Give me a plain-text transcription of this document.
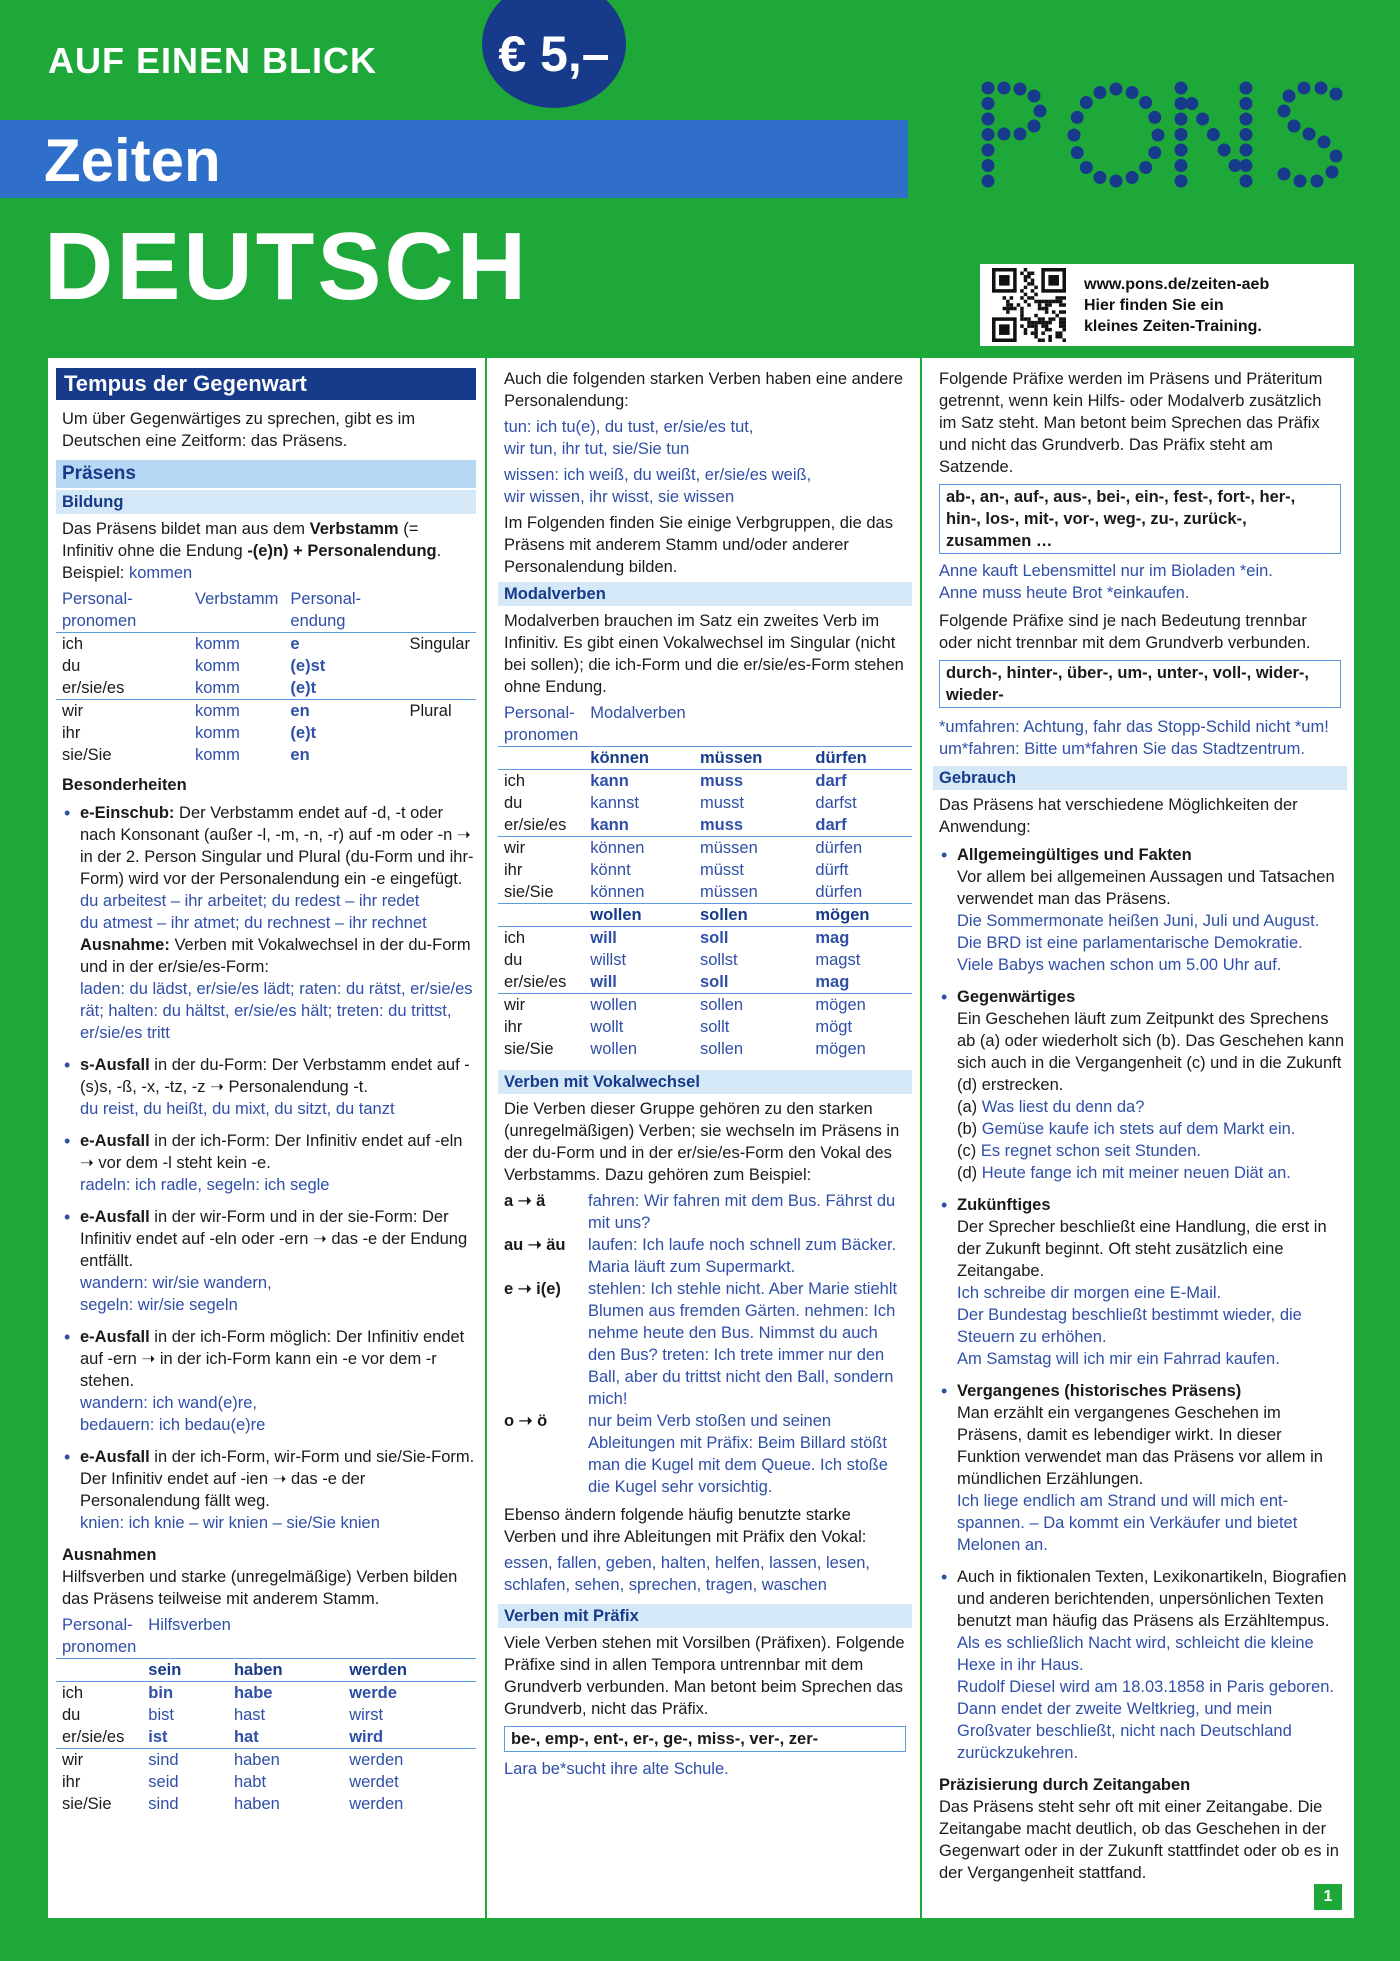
AUF EINEN BLICK	€ 5,–
Zeiten
DEUTSCH	www.pons.de/zeiten-aeb
Hier finden Sie ein
kleines Zeiten-Training.
Tempus der Gegenwart
Um über Gegenwärtiges zu sprechen, gibt es im Deutschen eine Zeitform: das Präsens.
Präsens
Bildung
Das Präsens bildet man aus dem Verbstamm (= Infinitiv ohne die Endung -(e)n) + Personalendung.
Beispiel: kommen
Personal-pronomen	Verbstamm	Personal-endung	
ich	komm	e	Singular
du	komm	(e)st	
er/sie/es	komm	(e)t	
wir	komm	en	Plural
ihr	komm	(e)t	
sie/Sie	komm	en	
Besonderheiten
• e-Einschub: Der Verbstamm endet auf -d, -t oder nach Konsonant (außer -l, -m, -n, -r) auf -m oder -n ➝ in der 2. Person Singular und Plural (du-Form und ihr-Form) wird vor der Personalendung ein -e eingefügt.
du arbeitest – ihr arbeitet; du redest – ihr redet
du atmest – ihr atmet; du rechnest – ihr rechnet
Ausnahme: Verben mit Vokalwechsel in der du-Form und in der er/sie/es-Form:
laden: du lädst, er/sie/es lädt; raten: du rätst, er/sie/es rät; halten: du hältst, er/sie/es hält; treten: du trittst, er/sie/es tritt
• s-Ausfall in der du-Form: Der Verbstamm endet auf -(s)s, -ß, -x, -tz, -z ➝ Personalendung -t.
du reist, du heißt, du mixt, du sitzt, du tanzt
• e-Ausfall in der ich-Form: Der Infinitiv endet auf -eln ➝ vor dem -l steht kein -e.
radeln: ich radle, segeln: ich segle
• e-Ausfall in der wir-Form und in der sie-Form: Der Infinitiv endet auf -eln oder -ern ➝ das -e der Endung entfällt.
wandern: wir/sie wandern,
segeln: wir/sie segeln
• e-Ausfall in der ich-Form möglich: Der Infinitiv endet auf -ern ➝ in der ich-Form kann ein -e vor dem -r stehen.
wandern: ich wand(e)re,
bedauern: ich bedau(e)re
• e-Ausfall in der ich-Form, wir-Form und sie/Sie-Form. Der Infinitiv endet auf -ien ➝ das -e der Personalendung fällt weg.
knien: ich knie – wir knien – sie/Sie knien
Ausnahmen
Hilfsverben und starke (unregelmäßige) Verben bilden das Präsens teilweise mit anderem Stamm.
Personal-pronomen	Hilfsverben		
	sein	haben	werden
ich	bin	habe	werde
du	bist	hast	wirst
er/sie/es	ist	hat	wird
wir	sind	haben	werden
ihr	seid	habt	werdet
sie/Sie	sind	haben	werden
Auch die folgenden starken Verben haben eine andere Personalendung:
tun: ich tu(e), du tust, er/sie/es tut,
wir tun, ihr tut, sie/Sie tun
wissen: ich weiß, du weißt, er/sie/es weiß,
wir wissen, ihr wisst, sie wissen
Im Folgenden finden Sie einige Verbgruppen, die das Präsens mit anderem Stamm und/oder anderer Personalendung bilden.
Modalverben
Modalverben brauchen im Satz ein zweites Verb im Infinitiv. Es gibt einen Vokalwechsel im Singular (nicht bei sollen); die ich-Form und die er/sie/es-Form stehen ohne Endung.
Personal-pronomen	Modalverben		
	können	müssen	dürfen
ich	kann	muss	darf
du	kannst	musst	darfst
er/sie/es	kann	muss	darf
wir	können	müssen	dürfen
ihr	könnt	müsst	dürft
sie/Sie	können	müssen	dürfen
	wollen	sollen	mögen
ich	will	soll	mag
du	willst	sollst	magst
er/sie/es	will	soll	mag
wir	wollen	sollen	mögen
ihr	wollt	sollt	mögt
sie/Sie	wollen	sollen	mögen
Verben mit Vokalwechsel
Die Verben dieser Gruppe gehören zu den starken (unregelmäßigen) Verben; sie wechseln im Präsens in der du-Form und in der er/sie/es-Form den Vokal des Verbstamms. Dazu gehören zum Beispiel:
a ➝ ä	fahren: Wir fahren mit dem Bus. Fährst du mit uns?
au ➝ äu	laufen: Ich laufe noch schnell zum Bäcker. Maria läuft zum Supermarkt.
e ➝ i(e)	stehlen: Ich stehle nicht. Aber Marie stiehlt Blumen aus fremden Gärten. nehmen: Ich nehme heute den Bus. Nimmst du auch den Bus? treten: Ich trete immer nur den Ball, aber du trittst nicht den Ball, sondern mich!
o ➝ ö	nur beim Verb stoßen und seinen Ableitungen mit Präfix: Beim Billard stößt man die Kugel mit dem Queue. Ich stoße die Kugel sehr vorsichtig.
Ebenso ändern folgende häufig benutzte starke Verben und ihre Ableitungen mit Präfix den Vokal:
essen, fallen, geben, halten, helfen, lassen, lesen, schlafen, sehen, sprechen, tragen, waschen
Verben mit Präfix
Viele Verben stehen mit Vorsilben (Präfixen). Folgende Präfixe sind in allen Tempora untrennbar mit dem Grundverb verbunden. Man betont beim Sprechen das Grundverb, nicht das Präfix.
be-, emp-, ent-, er-, ge-, miss-, ver-, zer-
Lara be*sucht ihre alte Schule.
Folgende Präfixe werden im Präsens und Präteritum getrennt, wenn kein Hilfs- oder Modalverb zusätzlich im Satz steht. Man betont beim Sprechen das Präfix und nicht das Grundverb. Das Präfix steht am Satzende.
ab-, an-, auf-, aus-, bei-, ein-, fest-, fort-, her-, hin-, los-, mit-, vor-, weg-, zu-, zurück-, zusammen …
Anne kauft Lebensmittel nur im Bioladen *ein.
Anne muss heute Brot *einkaufen.
Folgende Präfixe sind je nach Bedeutung trennbar oder nicht trennbar mit dem Grundverb verbunden.
durch-, hinter-, über-, um-, unter-, voll-, wider-, wieder-
*umfahren: Achtung, fahr das Stopp-Schild nicht *um!
um*fahren: Bitte um*fahren Sie das Stadtzentrum.
Gebrauch
Das Präsens hat verschiedene Möglichkeiten der Anwendung:
• Allgemeingültiges und Fakten
Vor allem bei allgemeinen Aussagen und Tatsachen verwendet man das Präsens.
Die Sommermonate heißen Juni, Juli und August.
Die BRD ist eine parlamentarische Demokratie.
Viele Babys wachen schon um 5.00 Uhr auf.
• Gegenwärtiges
Ein Geschehen läuft zum Zeitpunkt des Sprechens ab (a) oder wiederholt sich (b). Das Geschehen kann sich auch in die Vergangenheit (c) und in die Zukunft (d) erstrecken.
(a) Was liest du denn da?
(b) Gemüse kaufe ich stets auf dem Markt ein.
(c) Es regnet schon seit Stunden.
(d) Heute fange ich mit meiner neuen Diät an.
• Zukünftiges
Der Sprecher beschließt eine Handlung, die erst in der Zukunft beginnt. Oft steht zusätzlich eine Zeitangabe.
Ich schreibe dir morgen eine E-Mail.
Der Bundestag beschließt bestimmt wieder, die Steuern zu erhöhen.
Am Samstag will ich mir ein Fahrrad kaufen.
• Vergangenes (historisches Präsens)
Man erzählt ein vergangenes Geschehen im Präsens, damit es lebendiger wirkt. In dieser Funktion verwendet man das Präsens vor allem in mündlichen Erzählungen.
Ich liege endlich am Strand und will mich entspannen. – Da kommt ein Verkäufer und bietet Melonen an.
• Auch in fiktionalen Texten, Lexikonartikeln, Biografien und anderen berichtenden, unpersönlichen Texten benutzt man häufig das Präsens als Erzähltempus.
Als es schließlich Nacht wird, schleicht die kleine Hexe in ihr Haus.
Rudolf Diesel wird am 18.03.1858 in Paris geboren. Dann endet der zweite Weltkrieg, und mein Großvater beschließt, nicht nach Deutschland zurückzukehren.
Präzisierung durch Zeitangaben
Das Präsens steht sehr oft mit einer Zeitangabe. Die Zeitangabe macht deutlich, ob das Geschehen in der Gegenwart oder in der Zukunft stattfindet oder ob es in der Vergangenheit stattfand.
1
